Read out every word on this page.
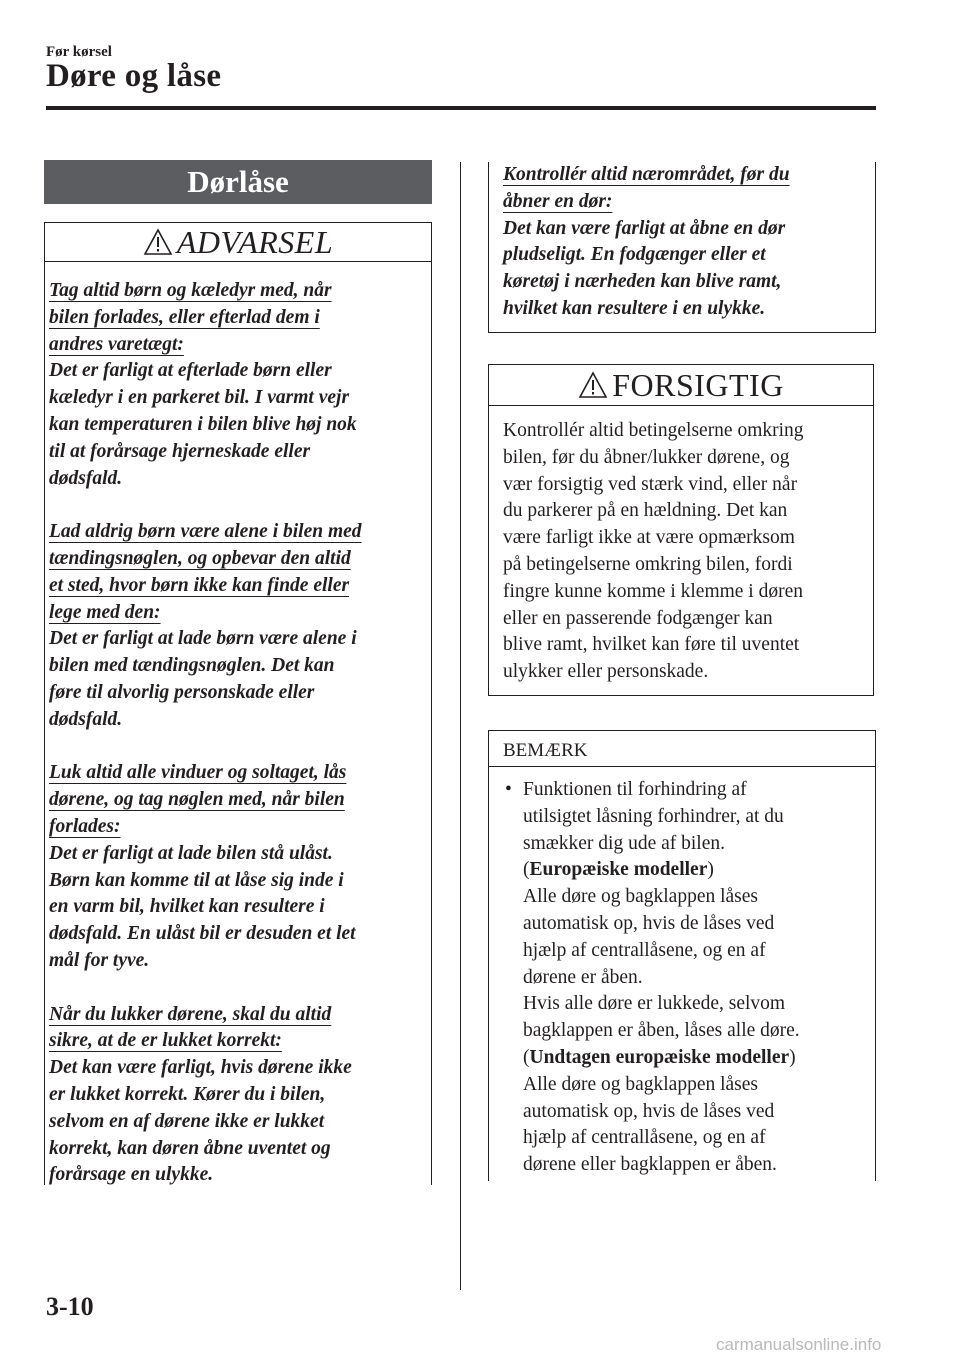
Før kørsel
Døre og låse
Dørlåse
ADVARSEL

Tag altid børn og kæledyr med, når
bilen forlades, eller efterlad dem i
andres varetægt:
Det er farligt at efterlade børn eller
kæledyr i en parkeret bil. I varmt vejr
kan temperaturen i bilen blive høj nok
til at forårsage hjerneskade eller
dødsfald.

Lad aldrig børn være alene i bilen med
tændingsnøglen, og opbevar den altid
et sted, hvor børn ikke kan finde eller
lege med den:
Det er farligt at lade børn være alene i
bilen med tændingsnøglen. Det kan
føre til alvorlig personskade eller
dødsfald.

Luk altid alle vinduer og soltaget, lås
dørene, og tag nøglen med, når bilen
forlades:
Det er farligt at lade bilen stå ulåst.
Børn kan komme til at låse sig inde i
en varm bil, hvilket kan resultere i
dødsfald. En ulåst bil er desuden et let
mål for tyve.

Når du lukker dørene, skal du altid
sikre, at de er lukket korrekt:
Det kan være farligt, hvis dørene ikke
er lukket korrekt. Kører du i bilen,
selvom en af dørene ikke er lukket
korrekt, kan døren åbne uventet og
forårsage en ulykke.

Kontrollér altid nærområdet, før du
åbner en dør:
Det kan være farligt at åbne en dør
pludseligt. En fodgænger eller et
køretøj i nærheden kan blive ramt,
hvilket kan resultere i en ulykke.
FORSIGTIG
Kontrollér altid betingelserne omkring
bilen, før du åbner/lukker dørene, og
vær forsigtig ved stærk vind, eller når
du parkerer på en hældning. Det kan
være farligt ikke at være opmærksom
på betingelserne omkring bilen, fordi
fingre kunne komme i klemme i døren
eller en passerende fodgænger kan
blive ramt, hvilket kan føre til uventet
ulykker eller personskade.
BEMÆRK
• Funktionen til forhindring af
utilsigtet låsning forhindrer, at du
smækker dig ude af bilen.
(Europæiske modeller)
Alle døre og bagklappen låses
automatisk op, hvis de låses ved
hjælp af centrallåsene, og en af
dørene er åben.
Hvis alle døre er lukkede, selvom
bagklappen er åben, låses alle døre.
(Undtagen europæiske modeller)
Alle døre og bagklappen låses
automatisk op, hvis de låses ved
hjælp af centrallåsene, og en af
dørene eller bagklappen er åben.
3-10
carmanualsonline.info
